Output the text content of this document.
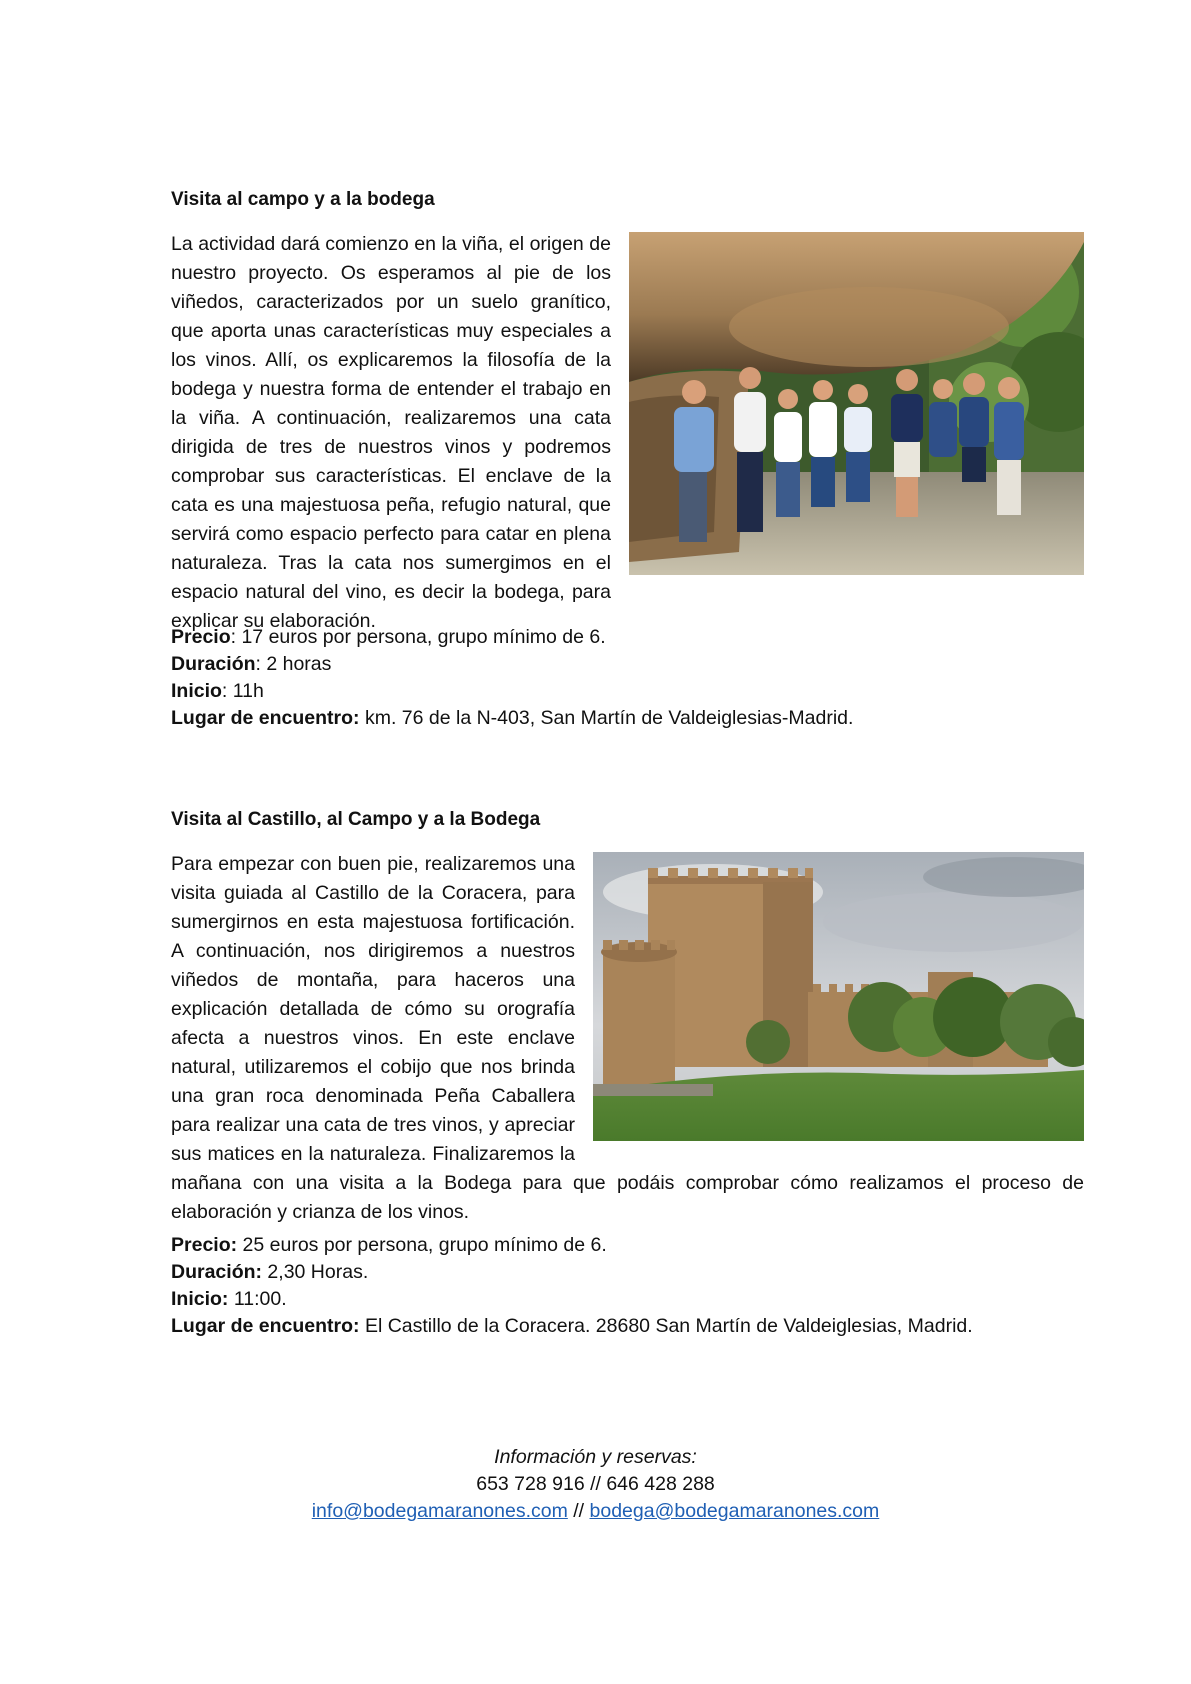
Visita al campo y a la bodega
La actividad dará comienzo en la viña, el origen de nuestro proyecto. Os esperamos al pie de los viñedos, caracterizados por un suelo granítico, que aporta unas características muy especiales a los vinos. Allí, os explicaremos la filosofía de la bodega y nuestra forma de entender el trabajo en la viña. A continuación, realizaremos una cata dirigida de tres de nuestros vinos y podremos comprobar sus características. El enclave de la cata es una majestuosa peña, refugio natural, que servirá como espacio perfecto para catar en plena naturaleza. Tras la cata nos sumergimos en el espacio natural del vino, es decir la bodega, para explicar su elaboración.
Precio: 17 euros por persona, grupo mínimo de 6.
Duración: 2 horas
Inicio: 11h
Lugar de encuentro: km. 76 de la N-403, San Martín de Valdeiglesias-Madrid.
Visita al Castillo, al Campo y a la Bodega
Para empezar con buen pie, realizaremos una visita guiada al Castillo de la Coracera, para sumergirnos en esta majestuosa fortificación. A continuación, nos dirigiremos a nuestros viñedos de montaña, para haceros una explicación detallada de cómo su orografía afecta a nuestros vinos. En este enclave natural, utilizaremos el cobijo que nos brinda una gran roca denominada Peña Caballera para realizar una cata de tres vinos, y apreciar sus matices en la naturaleza. Finalizaremos la mañana con una visita a la Bodega para que podáis comprobar cómo realizamos el proceso de elaboración y crianza de los vinos.
Precio: 25 euros por persona, grupo mínimo de 6.
Duración: 2,30 Horas.
Inicio: 11:00.
Lugar de encuentro: El Castillo de la Coracera. 28680 San Martín de Valdeiglesias, Madrid.
Información y reservas:
653 728 916 // 646 428 288
info@bodegamaranones.com // bodega@bodegamaranones.com
